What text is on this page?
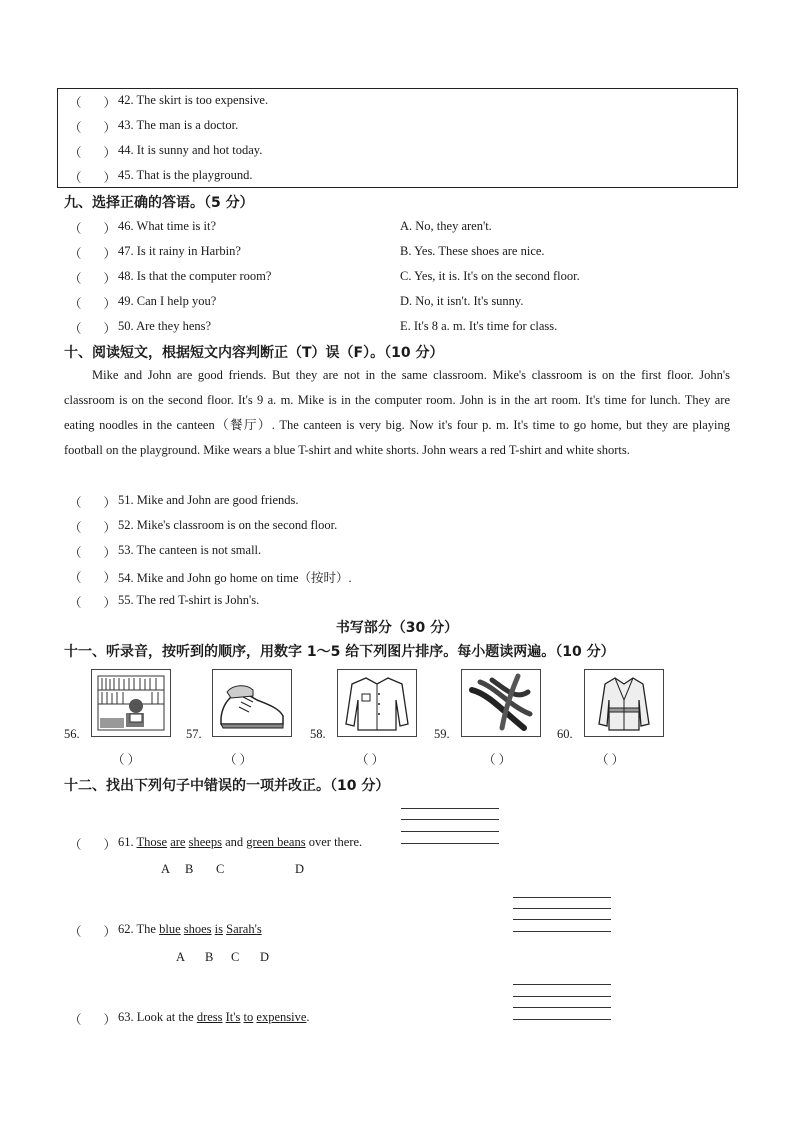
（ ） 42. The skirt is too expensive.
（ ） 43. The man is a doctor.
（ ） 44. It is sunny and hot today.
（ ） 45. That is the playground.
九、选择正确的答语。（5 分）
（ ） 46. What time is it?	A. No, they aren't.
（ ） 47. Is it rainy in Harbin?	B. Yes. These shoes are nice.
（ ） 48. Is that the computer room?	C. Yes, it is. It's on the second floor.
（ ） 49. Can I help you?	D. No, it isn't. It's sunny.
（ ） 50. Are they hens?	E. It's 8 a. m. It's time for class.
十、阅读短文，根据短文内容判断正（T）误（F）。（10 分）
Mike and John are good friends. But they are not in the same classroom. Mike's classroom is on the first floor. John's classroom is on the second floor. It's 9 a. m. Mike is in the computer room. John is in the art room. It's time for lunch. They are eating noodles in the canteen（餐厅）. The canteen is very big. Now it's four p. m. It's time to go home, but they are playing football on the playground. Mike wears a blue T-shirt and white shorts. John wears a red T-shirt and white shorts.
（ ） 51. Mike and John are good friends.
（ ） 52. Mike's classroom is on the second floor.
（ ） 53. The canteen is not small.
（ ） 54. Mike and John go home on time（按时）.
（ ） 55. The red T-shirt is John's.
书写部分（30 分）
十一、听录音，按听到的顺序，用数字 1～5 给下列图片排序。每小题读两遍。（10 分）
56.
（ ）
57.
（ ）
58.
（ ）
59.
（ ）
60.
（ ）
十二、找出下列句子中错误的一项并改正。（10 分）
（ ） 61. Those are sheeps and green beans over there.
A B C	D
（ ） 62. The blue shoes is Sarah's
A B C D
（ ） 63. Look at the dress It's to expensive.
